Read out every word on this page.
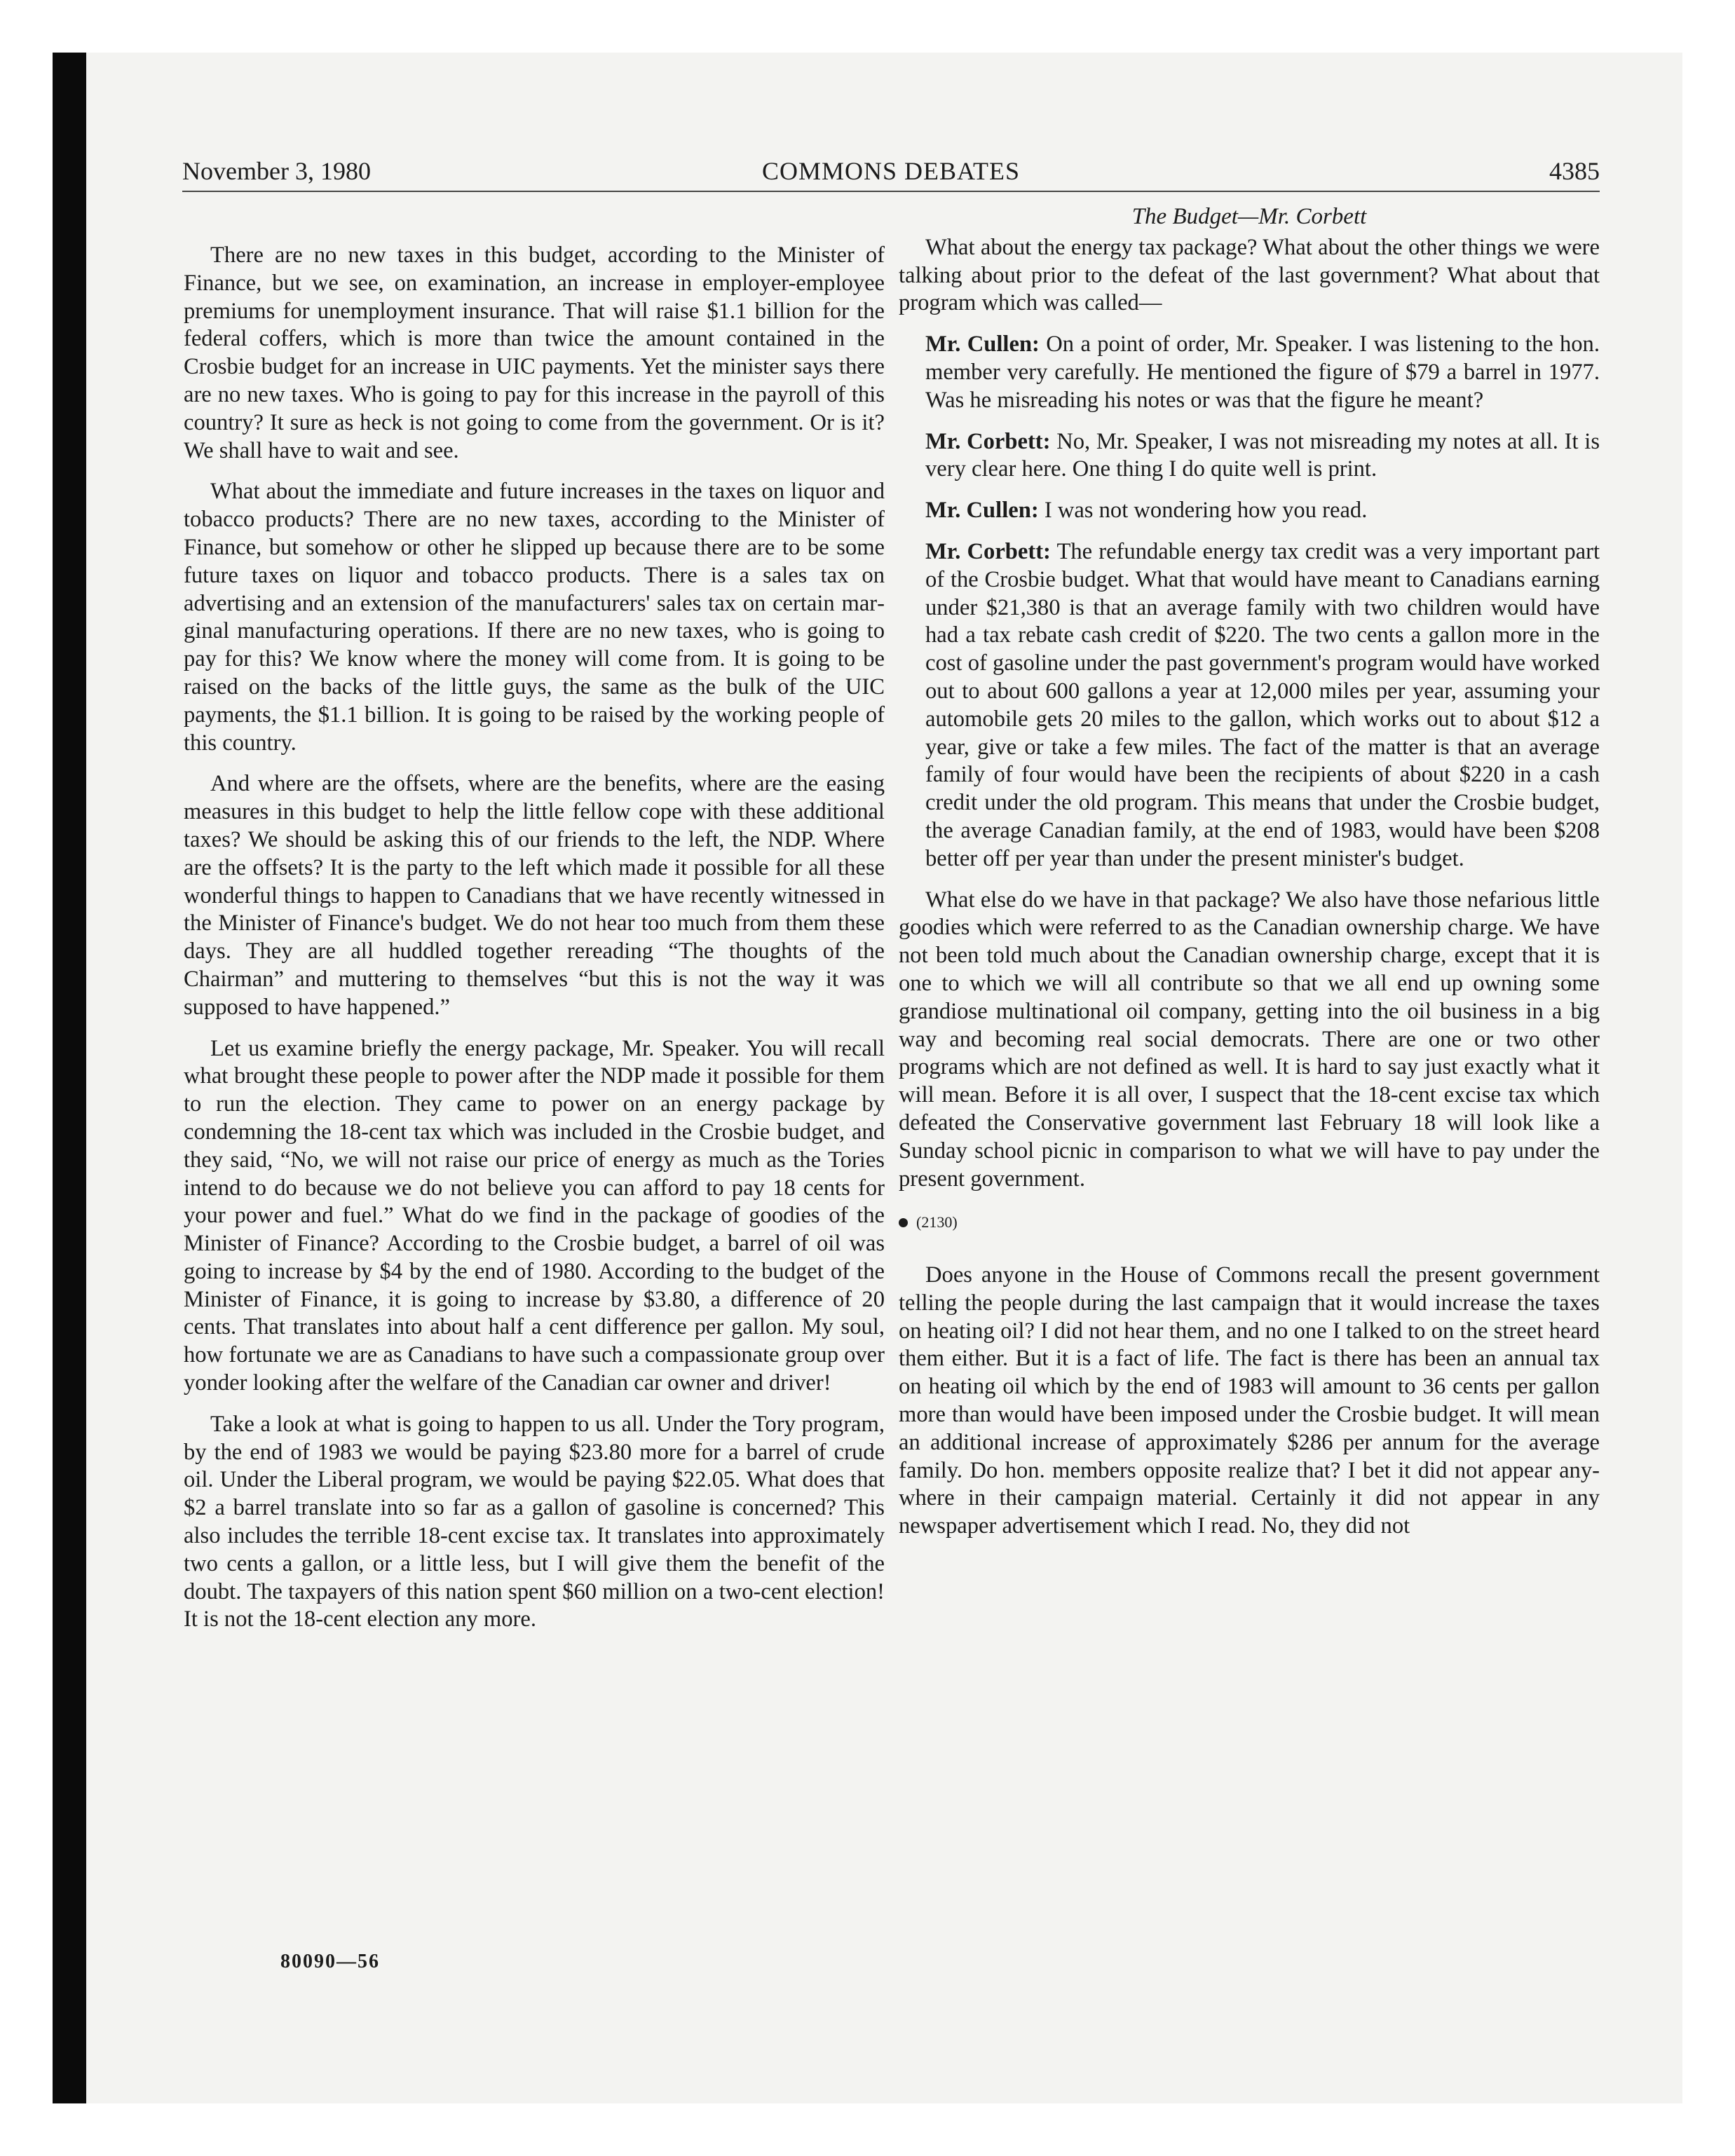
November 3, 1980	COMMONS DEBATES	4385

There are no new taxes in this budget, according to the Minister of Finance, but we see, on examination, an increase in employer-employee premiums for unemployment insurance. That will raise $1.1 billion for the federal coffers, which is more than twice the amount contained in the Crosbie budget for an increase in UIC payments. Yet the minister says there are no new taxes. Who is going to pay for this increase in the payroll of this country? It sure as heck is not going to come from the government. Or is it? We shall have to wait and see.

What about the immediate and future increases in the taxes on liquor and tobacco products? There are no new taxes, according to the Minister of Finance, but somehow or other he slipped up because there are to be some future taxes on liquor and tobacco products. There is a sales tax on advertising and an extension of the manufacturers' sales tax on certain marginal manufacturing operations. If there are no new taxes, who is going to pay for this? We know where the money will come from. It is going to be raised on the backs of the little guys, the same as the bulk of the UIC payments, the $1.1 billion. It is going to be raised by the working people of this country.

And where are the offsets, where are the benefits, where are the easing measures in this budget to help the little fellow cope with these additional taxes? We should be asking this of our friends to the left, the NDP. Where are the offsets? It is the party to the left which made it possible for all these wonderful things to happen to Canadians that we have recently witnessed in the Minister of Finance's budget. We do not hear too much from them these days. They are all huddled together rereading “The thoughts of the Chairman” and muttering to themselves “but this is not the way it was supposed to have happened.”

Let us examine briefly the energy package, Mr. Speaker. You will recall what brought these people to power after the NDP made it possible for them to run the election. They came to power on an energy package by condemning the 18-cent tax which was included in the Crosbie budget, and they said, “No, we will not raise our price of energy as much as the Tories intend to do because we do not believe you can afford to pay 18 cents for your power and fuel.” What do we find in the package of goodies of the Minister of Finance? According to the Crosbie budget, a barrel of oil was going to increase by $4 by the end of 1980. According to the budget of the Minister of Finance, it is going to increase by $3.80, a difference of 20 cents. That translates into about half a cent difference per gallon. My soul, how fortunate we are as Canadians to have such a compassionate group over yonder looking after the welfare of the Canadian car owner and driver!

Take a look at what is going to happen to us all. Under the Tory program, by the end of 1983 we would be paying $23.80 more for a barrel of crude oil. Under the Liberal program, we would be paying $22.05. What does that $2 a barrel translate into so far as a gallon of gasoline is concerned? This also includes the terrible 18-cent excise tax. It translates into approximately two cents a gallon, or a little less, but I will give them the benefit of the doubt. The taxpayers of this nation spent $60 million on a two-cent election! It is not the 18-cent election any more.

The Budget—Mr. Corbett

What about the energy tax package? What about the other things we were talking about prior to the defeat of the last government? What about that program which was called—

Mr. Cullen: On a point of order, Mr. Speaker. I was listening to the hon. member very carefully. He mentioned the figure of $79 a barrel in 1977. Was he misreading his notes or was that the figure he meant?

Mr. Corbett: No, Mr. Speaker, I was not misreading my notes at all. It is very clear here. One thing I do quite well is print.

Mr. Cullen: I was not wondering how you read.

Mr. Corbett: The refundable energy tax credit was a very important part of the Crosbie budget. What that would have meant to Canadians earning under $21,380 is that an average family with two children would have had a tax rebate cash credit of $220. The two cents a gallon more in the cost of gasoline under the past government's program would have worked out to about 600 gallons a year at 12,000 miles per year, assuming your automobile gets 20 miles to the gallon, which works out to about $12 a year, give or take a few miles. The fact of the matter is that an average family of four would have been the recipients of about $220 in a cash credit under the old program. This means that under the Crosbie budget, the average Canadian family, at the end of 1983, would have been $208 better off per year than under the present minister's budget.

What else do we have in that package? We also have those nefarious little goodies which were referred to as the Canadian ownership charge. We have not been told much about the Canadian ownership charge, except that it is one to which we will all contribute so that we all end up owning some grandiose multinational oil company, getting into the oil business in a big way and becoming real social democrats. There are one or two other programs which are not defined as well. It is hard to say just exactly what it will mean. Before it is all over, I suspect that the 18-cent excise tax which defeated the Conservative government last February 18 will look like a Sunday school picnic in comparison to what we will have to pay under the present government.

(2130)

Does anyone in the House of Commons recall the present government telling the people during the last campaign that it would increase the taxes on heating oil? I did not hear them, and no one I talked to on the street heard them either. But it is a fact of life. The fact is there has been an annual tax on heating oil which by the end of 1983 will amount to 36 cents per gallon more than would have been imposed under the Crosbie budget. It will mean an additional increase of approximately $286 per annum for the average family. Do hon. members opposite realize that? I bet it did not appear anywhere in their campaign material. Certainly it did not appear in any newspaper advertisement which I read. No, they did not

80090—56
